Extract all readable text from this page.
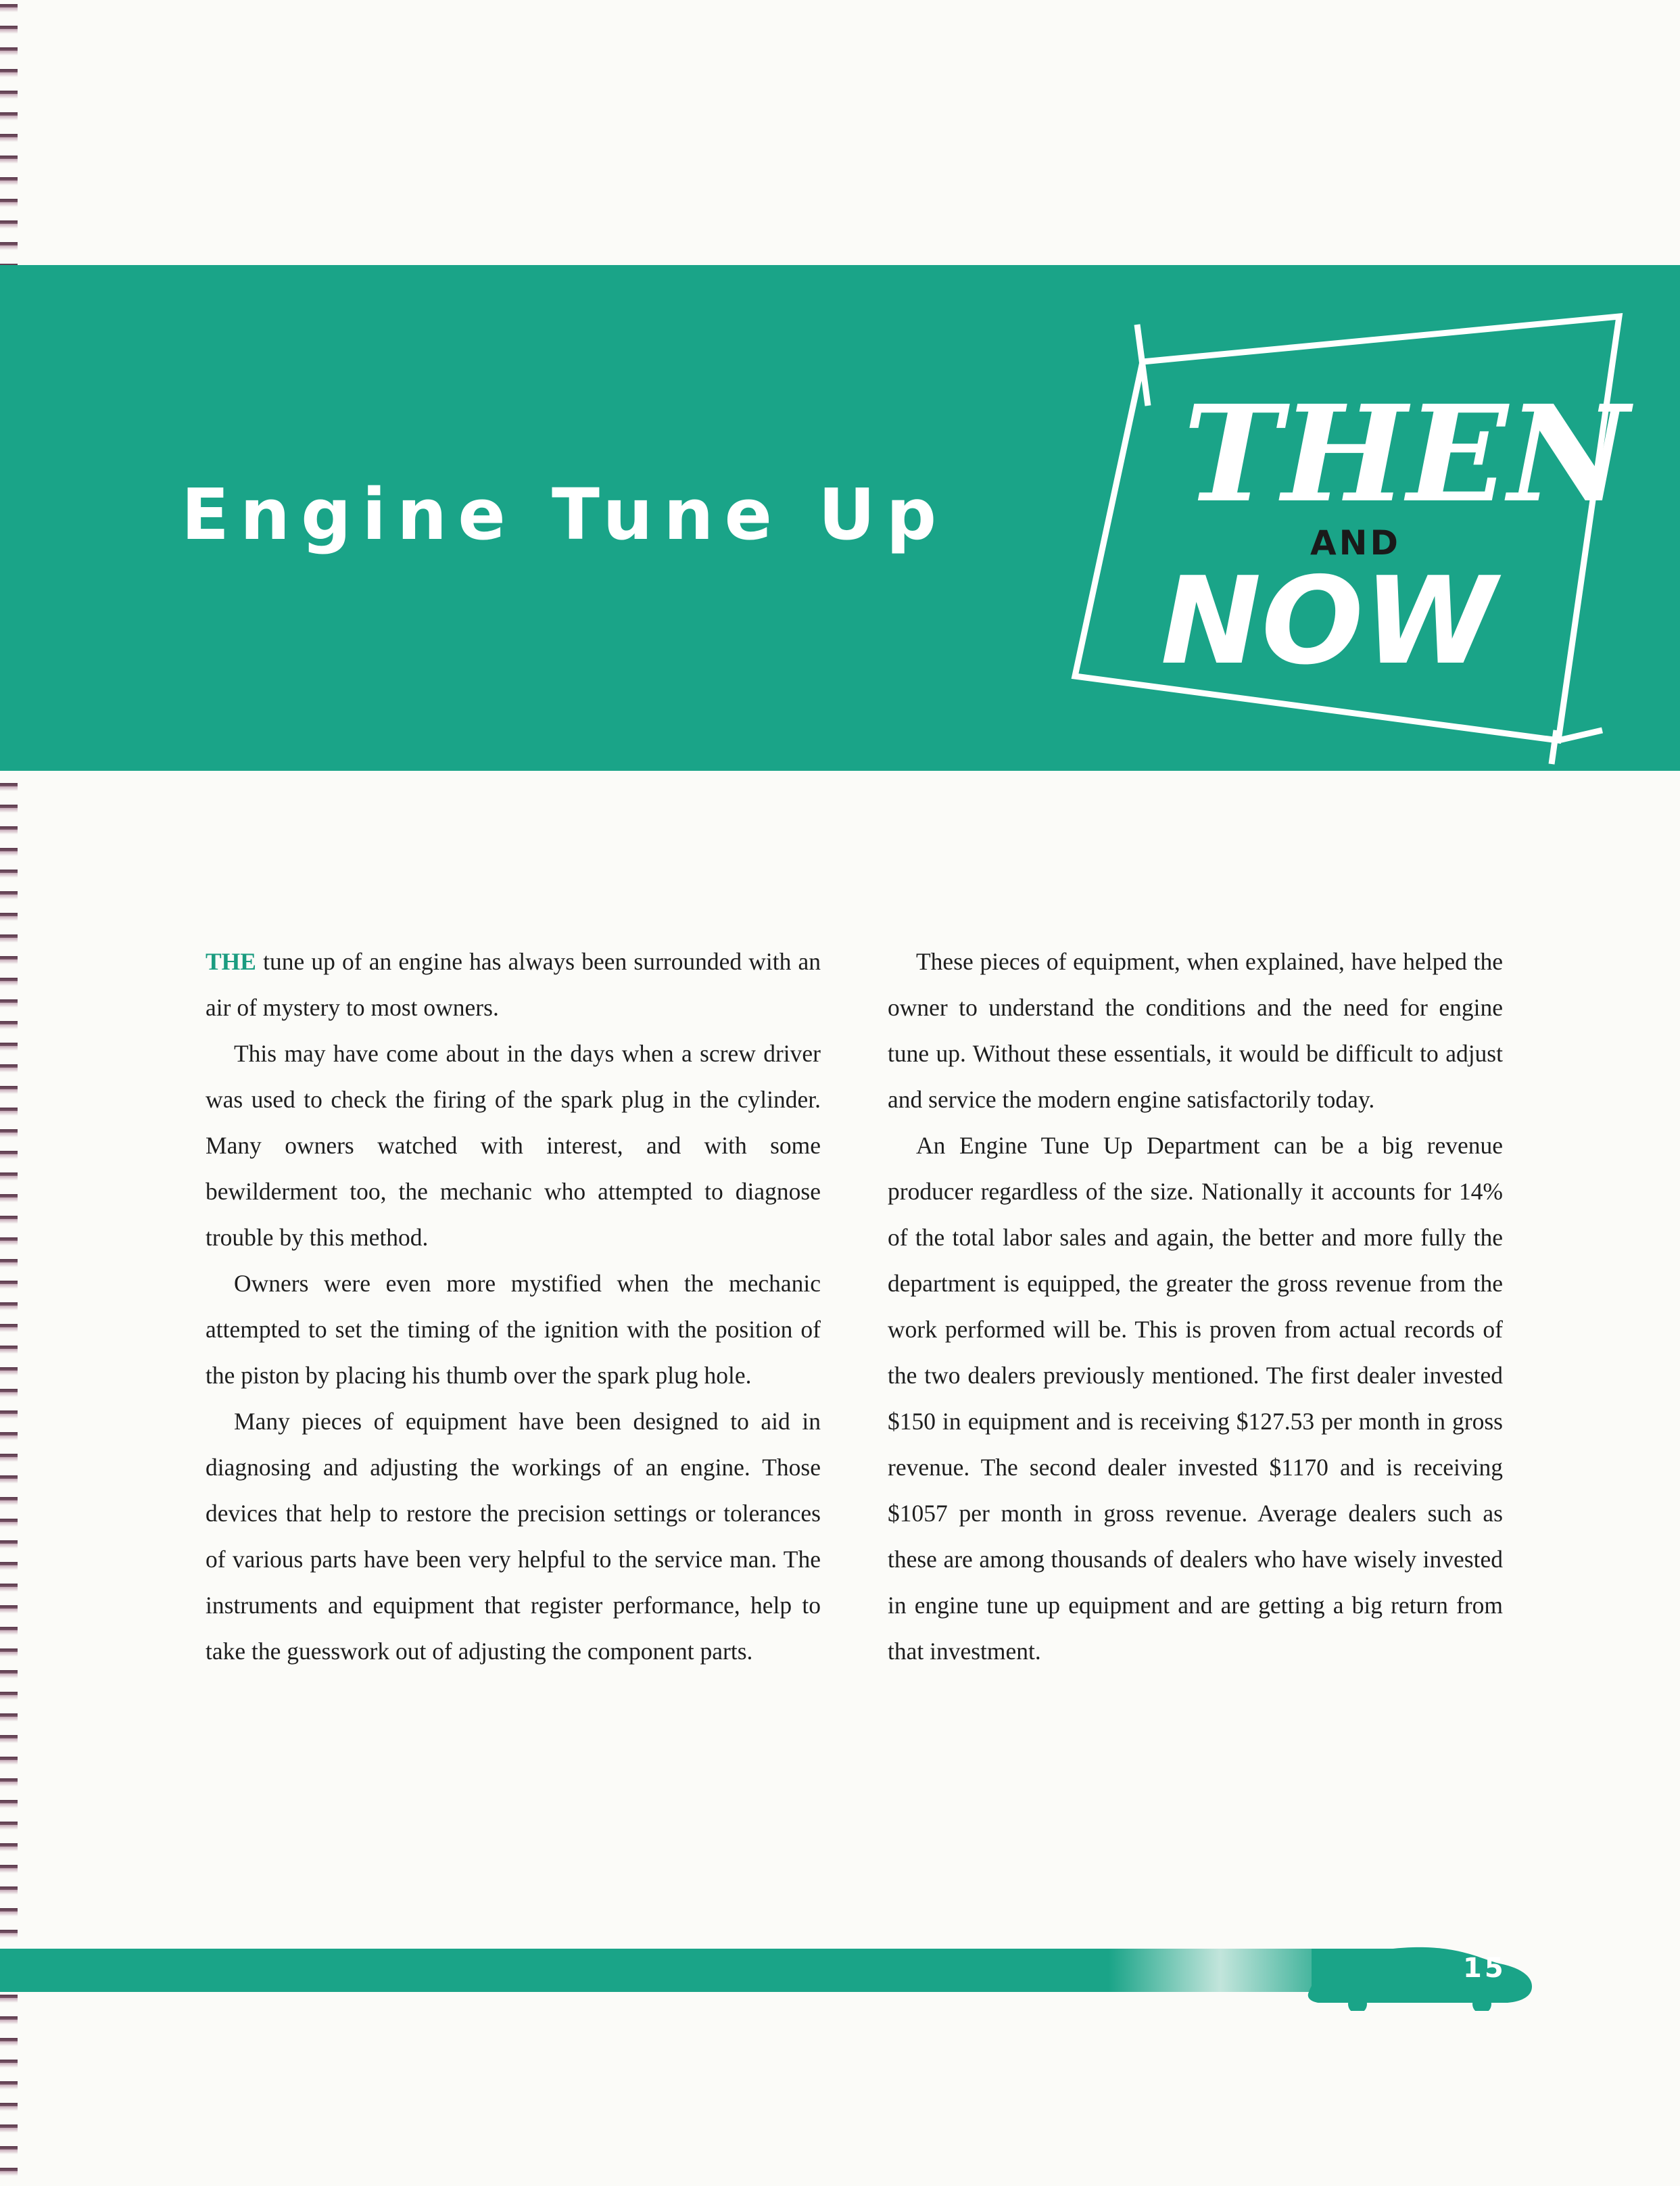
Engine Tune Up THEN
AND
NOW

THE tune up of an engine has always been surrounded with an air of mystery to most owners.

This may have come about in the days when a screw driver was used to check the firing of the spark plug in the cylinder. Many owners watched with interest, and with some bewilderment too, the mechanic who attempted to diagnose trouble by this method.

Owners were even more mystified when the mechanic attempted to set the timing of the ignition with the position of the piston by placing his thumb over the spark plug hole.

Many pieces of equipment have been designed to aid in diagnosing and adjusting the workings of an engine. Those devices that help to restore the precision settings or tolerances of various parts have been very helpful to the service man. The instruments and equipment that register performance, help to take the guesswork out of adjusting the component parts.

These pieces of equipment, when explained, have helped the owner to understand the conditions and the need for engine tune up. Without these essentials, it would be difficult to adjust and service the modern engine satisfactorily today.

An Engine Tune Up Department can be a big revenue producer regardless of the size. Nationally it accounts for 14% of the total labor sales and again, the better and more fully the department is equipped, the greater the gross revenue from the work performed will be. This is proven from actual records of the two dealers previously mentioned. The first dealer invested $150 in equipment and is receiving $127.53 per month in gross revenue. The second dealer invested $1170 and is receiving $1057 per month in gross revenue. Average dealers such as these are among thousands of dealers who have wisely invested in engine tune up equipment and are getting a big return from that investment.

15
